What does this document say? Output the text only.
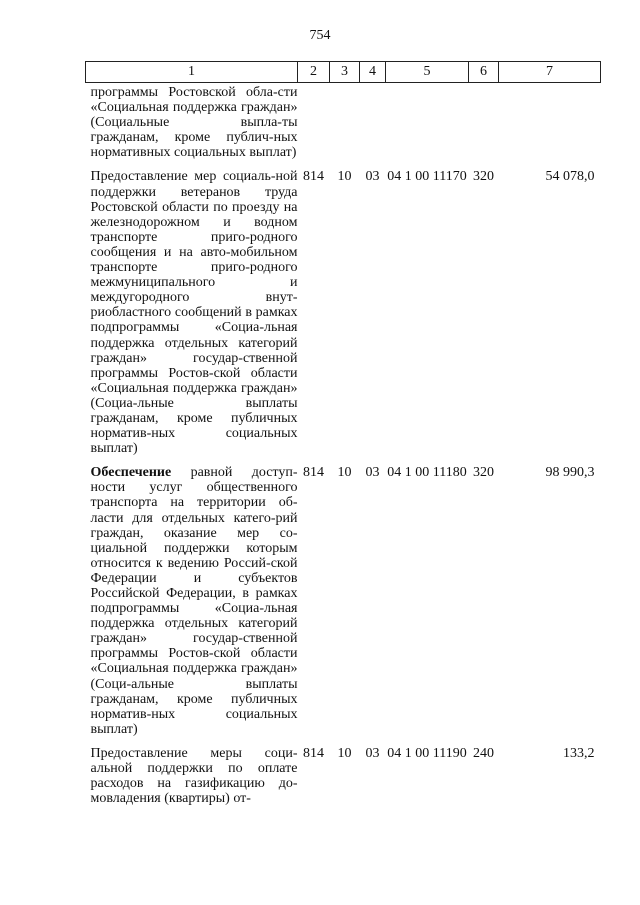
754
1	2	3	4	5	6	7
программы Ростовской обла-сти «Социальная поддержка граждан» (Социальные выпла-ты гражданам, кроме публич-ных нормативных социальных выплат)						
Предоставление мер социаль-ной поддержки ветеранов труда Ростовской области по проезду на железнодорожном и водном транспорте приго-родного сообщения и на авто-мобильном транспорте приго-родного межмуниципального и междугородного внут-риобластного сообщений в рамках подпрограммы «Социа-льная поддержка отдельных категорий граждан» государ-ственной программы Ростов-ской области «Социальная поддержка граждан» (Социа-льные выплаты гражданам, кроме публичных норматив-ных социальных выплат)	814	10	03	04 1 00 11170	320	54 078,0
Обеспечение равной доступ-ности услуг общественного транспорта на территории об-ласти для отдельных катего-рий граждан, оказание мер со-циальной поддержки которым относится к ведению Россий-ской Федерации и субъектов Российской Федерации, в рамках подпрограммы «Социа-льная поддержка отдельных категорий граждан» государ-ственной программы Ростов-ской области «Социальная поддержка граждан» (Соци-альные выплаты гражданам, кроме публичных норматив-ных социальных выплат)	814	10	03	04 1 00 11180	320	98 990,3
Предоставление меры соци-альной поддержки по оплате расходов на газификацию до-мовладения (квартиры) от-	814	10	03	04 1 00 11190	240	133,2
